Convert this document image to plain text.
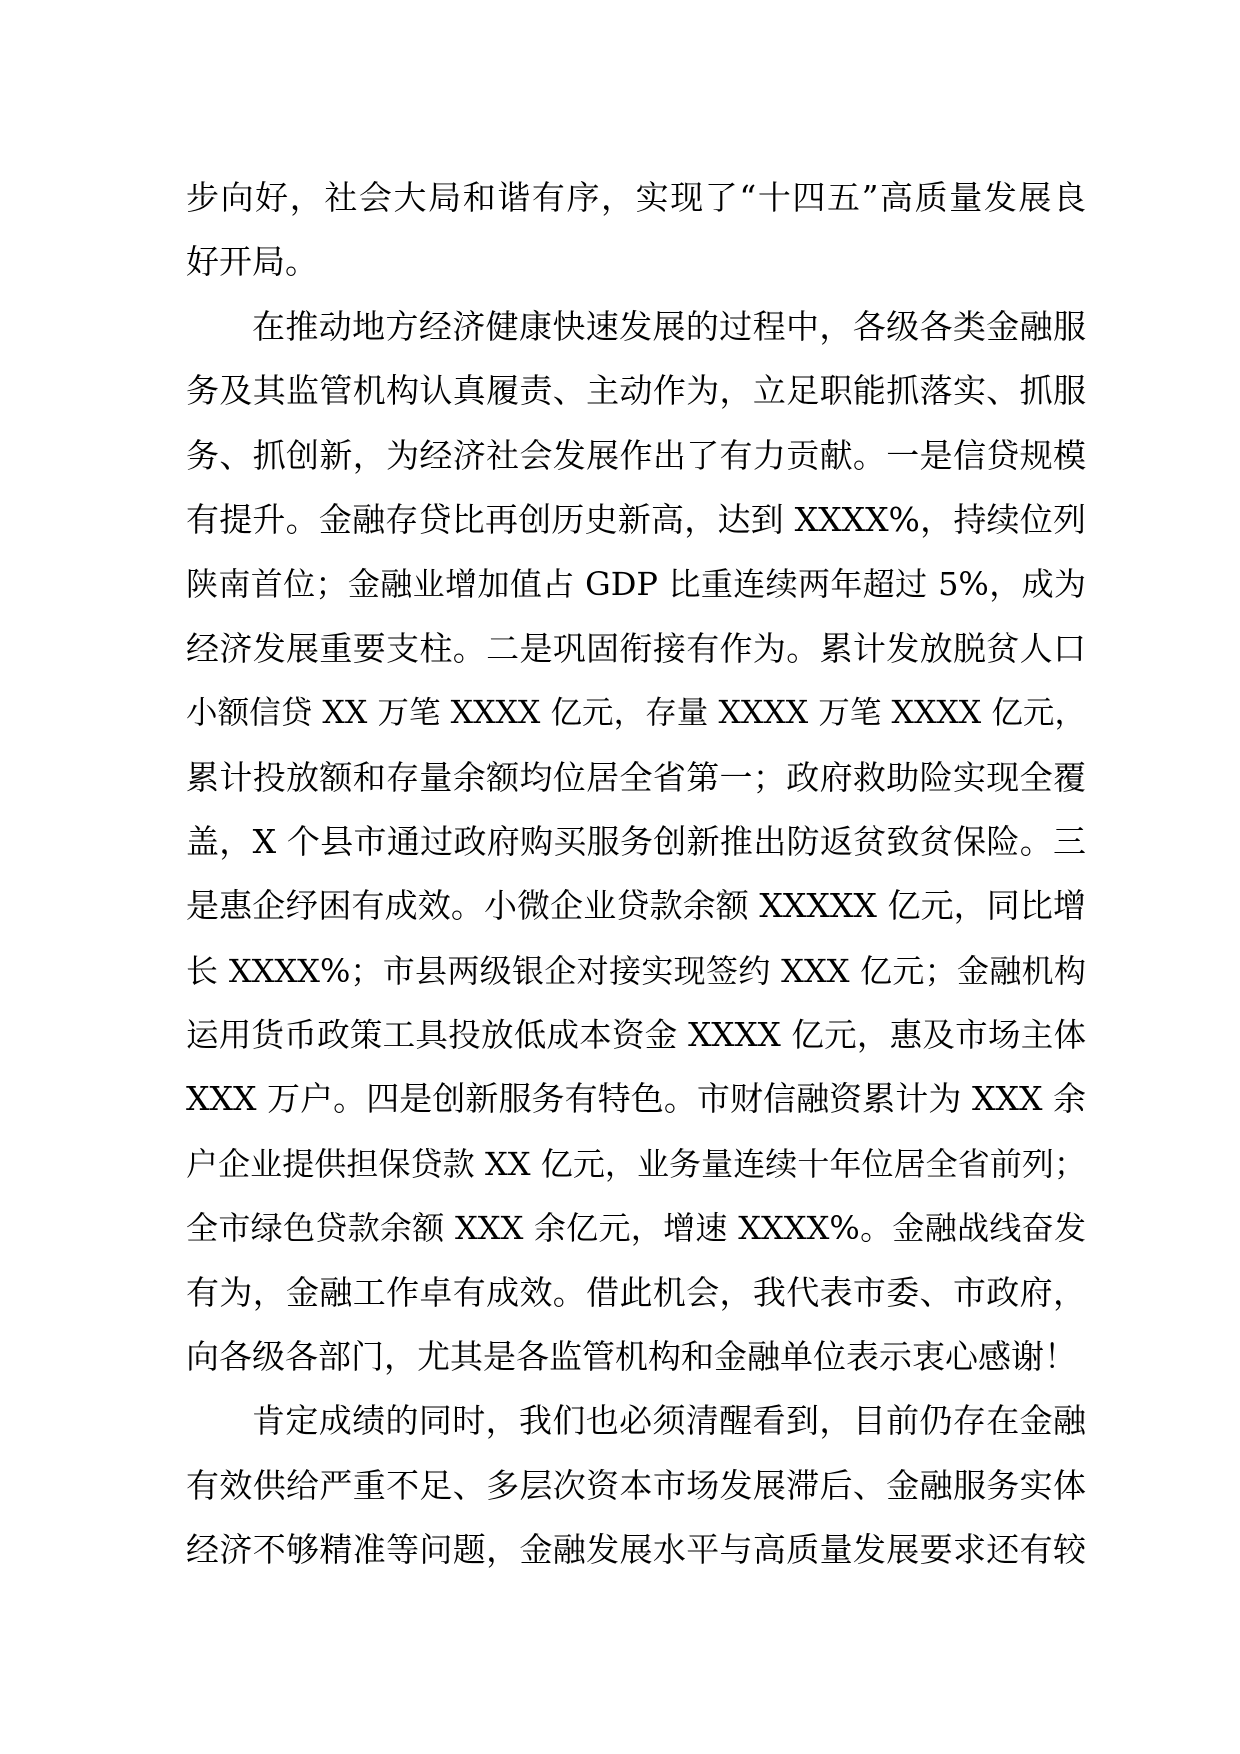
步向好，社会大局和谐有序，实现了“十四五”高质量发展良
好开局。
在推动地方经济健康快速发展的过程中，各级各类金融服
务及其监管机构认真履责、主动作为，立足职能抓落实、抓服
务、抓创新，为经济社会发展作出了有力贡献。一是信贷规模
有提升。金融存贷比再创历史新高，达到 XXXX%，持续位列
陕南首位；金融业增加值占 GDP 比重连续两年超过 5%，成为
经济发展重要支柱。二是巩固衔接有作为。累计发放脱贫人口
小额信贷 XX 万笔 XXXX 亿元，存量 XXXX 万笔 XXXX 亿元，
累计投放额和存量余额均位居全省第一；政府救助险实现全覆
盖，X 个县市通过政府购买服务创新推出防返贫致贫保险。三
是惠企纾困有成效。小微企业贷款余额 XXXXX 亿元，同比增
长 XXXX%；市县两级银企对接实现签约 XXX 亿元；金融机构
运用货币政策工具投放低成本资金 XXXX 亿元，惠及市场主体
XXX 万户。四是创新服务有特色。市财信融资累计为 XXX 余
户企业提供担保贷款 XX 亿元，业务量连续十年位居全省前列；
全市绿色贷款余额 XXX 余亿元，增速 XXXX%。金融战线奋发
有为，金融工作卓有成效。借此机会，我代表市委、市政府，
向各级各部门，尤其是各监管机构和金融单位表示衷心感谢！
肯定成绩的同时，我们也必须清醒看到，目前仍存在金融
有效供给严重不足、多层次资本市场发展滞后、金融服务实体
经济不够精准等问题，金融发展水平与高质量发展要求还有较
